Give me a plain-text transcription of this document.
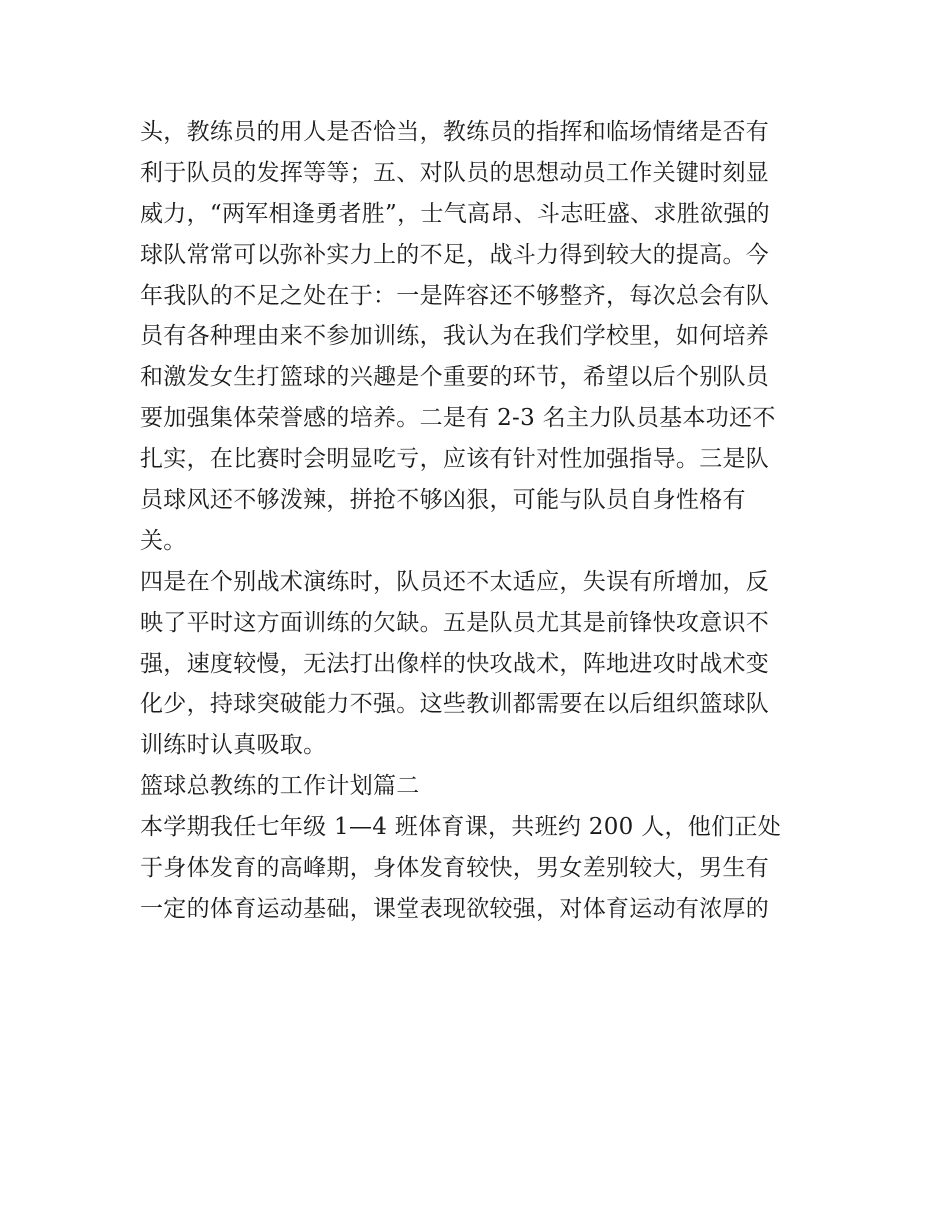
头，教练员的用人是否恰当，教练员的指挥和临场情绪是否有
利于队员的发挥等等；五、对队员的思想动员工作关键时刻显
威力，“两军相逢勇者胜”，士气高昂、斗志旺盛、求胜欲强的
球队常常可以弥补实力上的不足，战斗力得到较大的提高。今
年我队的不足之处在于：一是阵容还不够整齐，每次总会有队
员有各种理由来不参加训练，我认为在我们学校里，如何培养
和激发女生打篮球的兴趣是个重要的环节，希望以后个别队员
要加强集体荣誉感的培养。二是有 2-3 名主力队员基本功还不
扎实，在比赛时会明显吃亏，应该有针对性加强指导。三是队
员球风还不够泼辣，拼抢不够凶狠，可能与队员自身性格有
关。
四是在个别战术演练时，队员还不太适应，失误有所增加，反
映了平时这方面训练的欠缺。五是队员尤其是前锋快攻意识不
强，速度较慢，无法打出像样的快攻战术，阵地进攻时战术变
化少，持球突破能力不强。这些教训都需要在以后组织篮球队
训练时认真吸取。
篮球总教练的工作计划篇二
本学期我任七年级 1—4 班体育课，共班约 200 人，他们正处
于身体发育的高峰期，身体发育较快，男女差别较大，男生有
一定的体育运动基础，课堂表现欲较强，对体育运动有浓厚的
